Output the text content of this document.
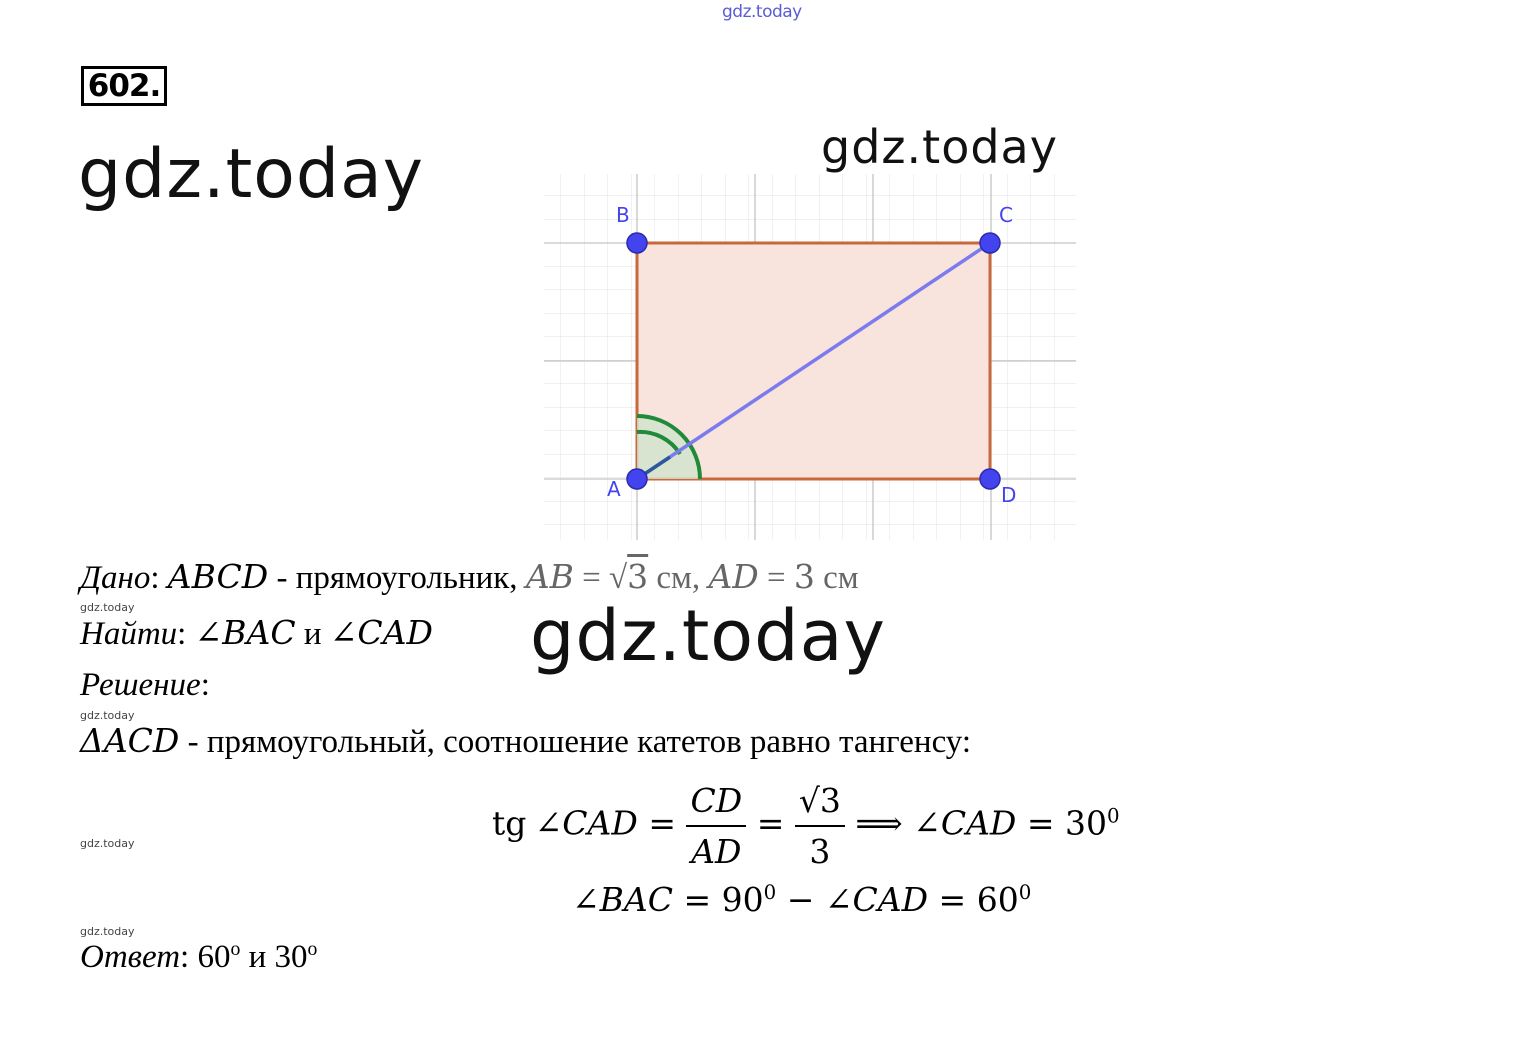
gdz.today
602.
gdz.today	gdz.today
B	C
A	D
Дано: ABCD - прямоугольник, AB = √3 см, AD = 3 см
gdz.today
Найти: ∠BAC и ∠CAD gdz.today
Решение:
gdz.today
ΔACD - прямоугольный, соотношение катетов равно тангенсу:
gdz.today
tg ∠CAD = $\frac{CD}{AD} = \frac{√3}{3}$ ⟹ ∠CAD = $30^0$
∠BAC = $90^0$ − ∠CAD = $60^0$
gdz.today
Ответ: 60$^o$ и 30$^o$
